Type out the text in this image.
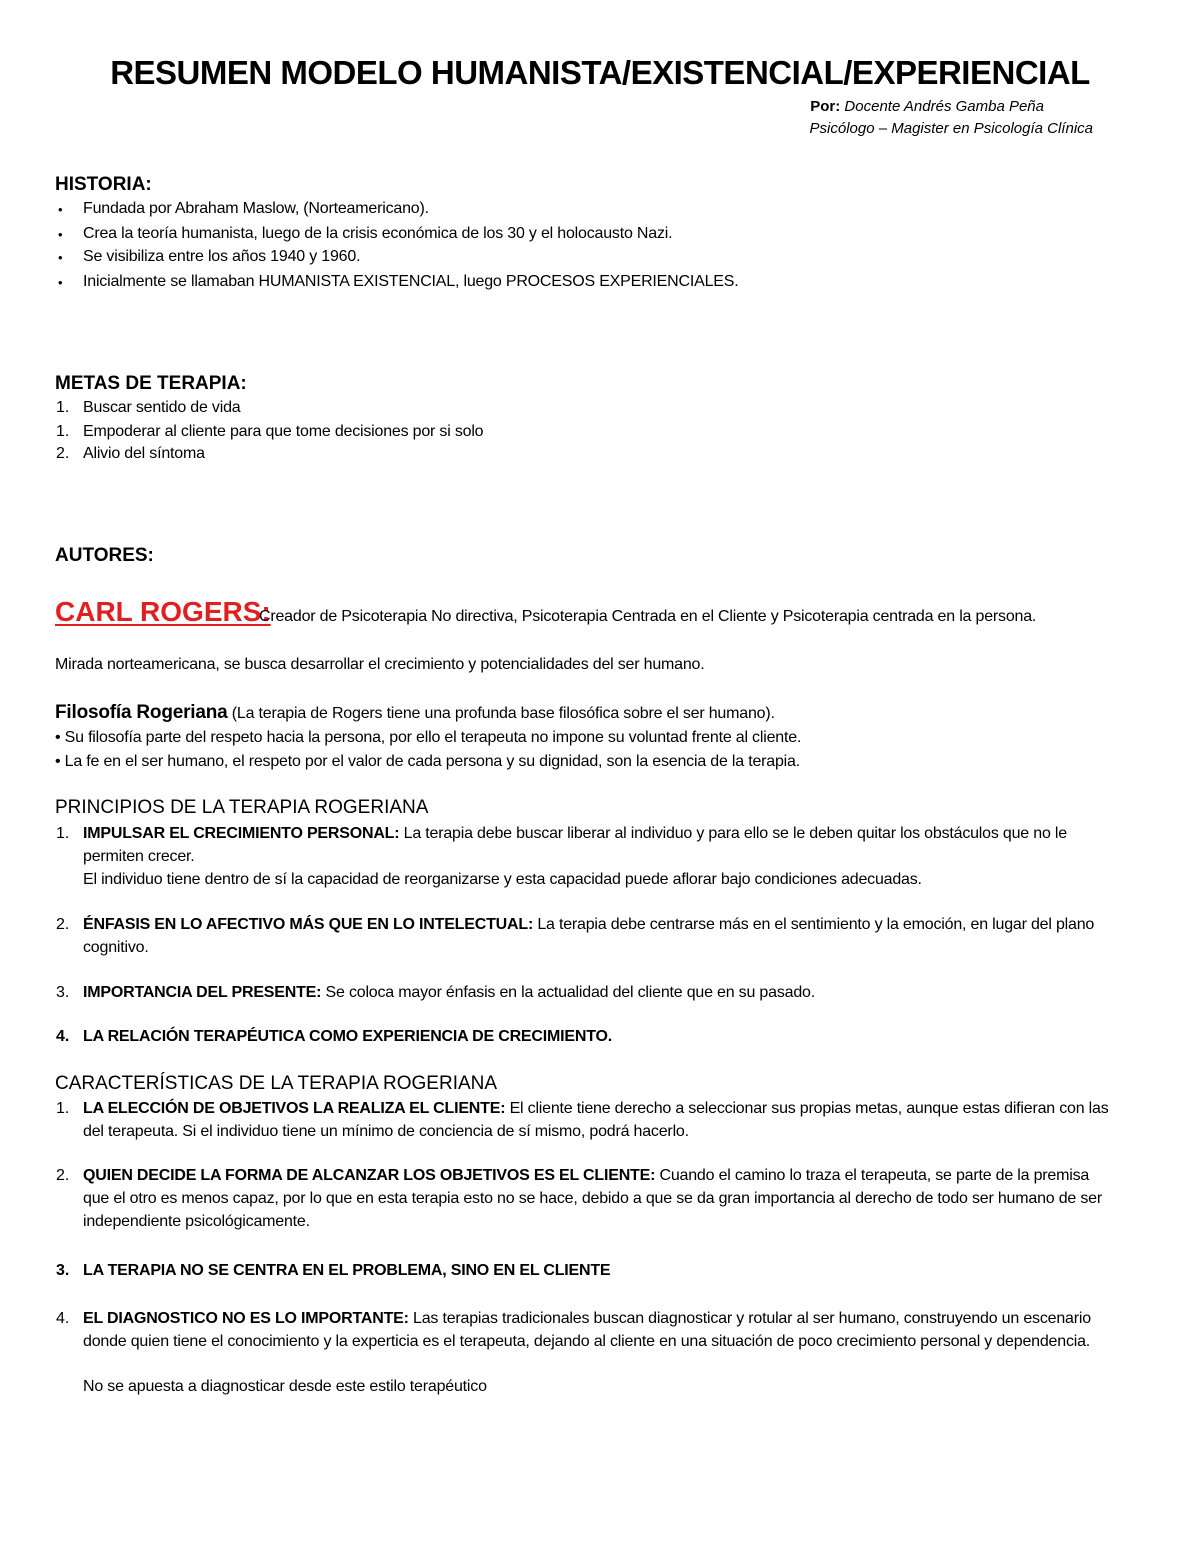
RESUMEN MODELO HUMANISTA/EXISTENCIAL/EXPERIENCIAL
Por: Docente Andrés Gamba Peña
Psicólogo – Magister en Psicología Clínica
HISTORIA:
• Fundada por Abraham Maslow, (Norteamericano).
• Crea la teoría humanista, luego de la crisis económica de los 30 y el holocausto Nazi.
• Se visibiliza entre los años 1940 y 1960.
• Inicialmente se llamaban HUMANISTA EXISTENCIAL, luego PROCESOS EXPERIENCIALES.
METAS DE TERAPIA:
1. Buscar sentido de vida
1. Empoderar al cliente para que tome decisiones por si solo
2. Alivio del síntoma
AUTORES:
CARL ROGERS:
Creador de Psicoterapia No directiva, Psicoterapia Centrada en el Cliente y Psicoterapia centrada en la persona.
Mirada norteamericana, se busca desarrollar el crecimiento y potencialidades del ser humano.
Filosofía Rogeriana (La terapia de Rogers tiene una profunda base filosófica sobre el ser humano).
• Su filosofía parte del respeto hacia la persona, por ello el terapeuta no impone su voluntad frente al cliente.
• La fe en el ser humano, el respeto por el valor de cada persona y su dignidad, son la esencia de la terapia.
PRINCIPIOS DE LA TERAPIA ROGERIANA
1. IMPULSAR EL CRECIMIENTO PERSONAL: La terapia debe buscar liberar al individuo y para ello se le deben quitar los obstáculos que no le
permiten crecer.
El individuo tiene dentro de sí la capacidad de reorganizarse y esta capacidad puede aflorar bajo condiciones adecuadas.
2. ÉNFASIS EN LO AFECTIVO MÁS QUE EN LO INTELECTUAL: La terapia debe centrarse más en el sentimiento y la emoción, en lugar del plano
cognitivo.
3. IMPORTANCIA DEL PRESENTE: Se coloca mayor énfasis en la actualidad del cliente que en su pasado.
4. LA RELACIÓN TERAPÉUTICA COMO EXPERIENCIA DE CRECIMIENTO.
CARACTERÍSTICAS DE LA TERAPIA ROGERIANA
1. LA ELECCIÓN DE OBJETIVOS LA REALIZA EL CLIENTE: El cliente tiene derecho a seleccionar sus propias metas, aunque estas difieran con las
del terapeuta. Si el individuo tiene un mínimo de conciencia de sí mismo, podrá hacerlo.
2. QUIEN DECIDE LA FORMA DE ALCANZAR LOS OBJETIVOS ES EL CLIENTE: Cuando el camino lo traza el terapeuta, se parte de la premisa
que el otro es menos capaz, por lo que en esta terapia esto no se hace, debido a que se da gran importancia al derecho de todo ser humano de ser
independiente psicológicamente.
3. LA TERAPIA NO SE CENTRA EN EL PROBLEMA, SINO EN EL CLIENTE
4. EL DIAGNOSTICO NO ES LO IMPORTANTE: Las terapias tradicionales buscan diagnosticar y rotular al ser humano, construyendo un escenario
donde quien tiene el conocimiento y la experticia es el terapeuta, dejando al cliente en una situación de poco crecimiento personal y dependencia.
No se apuesta a diagnosticar desde este estilo terapéutico
